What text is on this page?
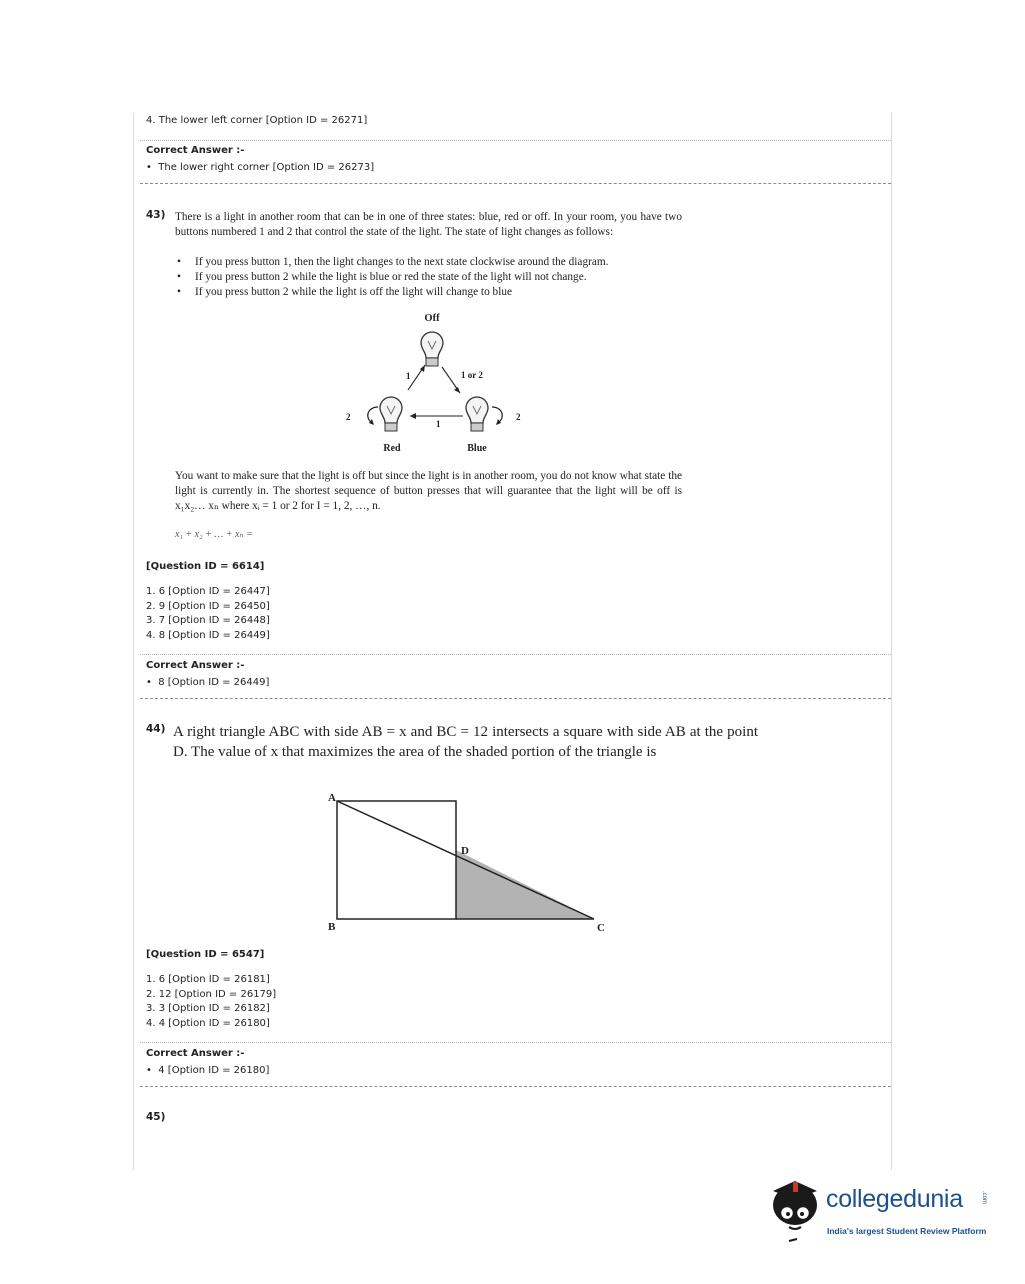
4. The lower left corner [Option ID = 26271]
Correct Answer :-
•  The lower right corner [Option ID = 26273]
43) There is a light in another room that can be in one of three states: blue, red or off. In your room, you have two buttons numbered 1 and 2 that control the state of the light. The state of light changes as follows:
• If you press button 1, then the light changes to the next state clockwise around the diagram.
• If you press button 2 while the light is blue or red the state of the light will not change.
• If you press button 2 while the light is off the light will change to blue
Off
1	1 or 2
1
2	2
Red	Blue
You want to make sure that the light is off but since the light is in another room, you do not know what state the light is currently in. The shortest sequence of button presses that will guarantee that the light will be off is x₁x₂… xₙ where xᵢ = 1 or 2 for I = 1, 2, …, n.
x₁ + x₂ + … + xₙ =
[Question ID = 6614]
1. 6 [Option ID = 26447]
2. 9 [Option ID = 26450]
3. 7 [Option ID = 26448]
4. 8 [Option ID = 26449]
Correct Answer :-
•  8 [Option ID = 26449]
44) A right triangle ABC with side AB = x and BC = 12 intersects a square with side AB at the point D. The value of x that maximizes the area of the shaded portion of the triangle is
A
B	C
D
[Question ID = 6547]
1. 6 [Option ID = 26181]
2. 12 [Option ID = 26179]
3. 3 [Option ID = 26182]
4. 4 [Option ID = 26180]
Correct Answer :-
•  4 [Option ID = 26180]
45)
collegedunia	.com
India's largest Student Review Platform
